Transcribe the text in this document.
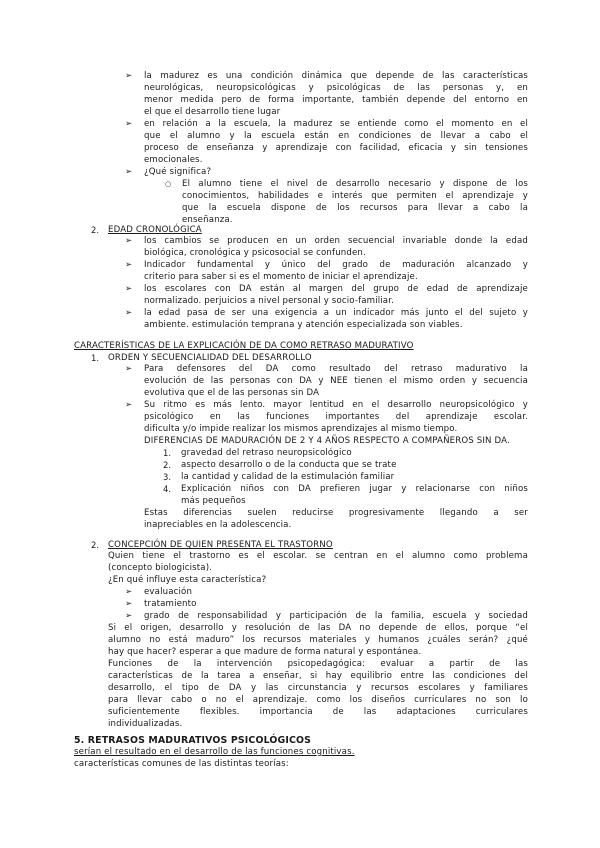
➢ la madurez es una condición dinámica que depende de las características
neurológicas, neuropsicológicas y psicológicas de las personas y, en
menor medida pero de forma importante, también depende del entorno en
el que el desarrollo tiene lugar
➢ en relación a la escuela, la madurez se entiende como el momento en el
que el alumno y la escuela están en condiciones de llevar a cabo el
proceso de enseñanza y aprendizaje con facilidad, eficacia y sin tensiones
emocionales.
➢ ¿Qué significa?
○ El alumno tiene el nivel de desarrollo necesario y dispone de los
conocimientos, habilidades e interés que permiten el aprendizaje y
que la escuela dispone de los recursos para llevar a cabo la
enseñanza.
2. EDAD CRONOLÓGICA
➢ los cambios se producen en un orden secuencial invariable donde la edad
biológica, cronológica y psicosocial se confunden.
➢ Indicador fundamental y único del grado de maduración alcanzado y
criterio para saber si es el momento de iniciar el aprendizaje.
➢ los escolares con DA están al margen del grupo de edad de aprendizaje
normalizado. perjuicios a nivel personal y socio-familiar.
➢ la edad pasa de ser una exigencia a un indicador más junto el del sujeto y
ambiente. estimulación temprana y atención especializada son viables.
CARACTERÍSTICAS DE LA EXPLICACIÓN DE DA COMO RETRASO MADURATIVO
1. ORDEN Y SECUENCIALIDAD DEL DESARROLLO
➢ Para defensores del DA como resultado del retraso madurativo la
evolución de las personas con DA y NEE tienen el mismo orden y secuencia
evolutiva que el de las personas sin DA
➢ Su ritmo es más lento. mayor lentitud en el desarrollo neuropsicológico y
psicológico en las funciones importantes del aprendizaje escolar.
dificulta y/o impide realizar los mismos aprendizajes al mismo tiempo.
DIFERENCIAS DE MADURACIÓN DE 2 Y 4 AÑOS RESPECTO A COMPAÑEROS SIN DA.
1. gravedad del retraso neuropsicológico
2. aspecto desarrollo o de la conducta que se trate
3. la cantidad y calidad de la estimulación familiar
4. Explicación niños con DA prefieren jugar y relacionarse con niños
más pequeños
Estas diferencias suelen reducirse progresivamente llegando a ser
inapreciables en la adolescencia.
2. CONCEPCIÓN DE QUIEN PRESENTA EL TRASTORNO
Quien tiene el trastorno es el escolar. se centran en el alumno como problema
(concepto biologicista).
¿En qué influye esta característica?
➢ evaluación
➢ tratamiento
➢ grado de responsabilidad y participación de la familia, escuela y sociedad
Si el origen, desarrollo y resolución de las DA no depende de ellos, porque “el
alumno no está maduro” los recursos materiales y humanos ¿cuáles serán? ¿qué
hay que hacer? esperar a que madure de forma natural y espontánea.
Funciones de la intervención psicopedagógica: evaluar a partir de las
características de la tarea a enseñar, si hay equilibrio entre las condiciones del
desarrollo, el tipo de DA y las circunstancia y recursos escolares y familiares
para llevar cabo o no el aprendizaje. como los diseños curriculares no son lo
suficientemente flexibles. importancia de las adaptaciones curriculares
individualizadas.
5. RETRASOS MADURATIVOS PSICOLÓGICOS
serían el resultado en el desarrollo de las funciones cognitivas.
características comunes de las distintas teorías:
